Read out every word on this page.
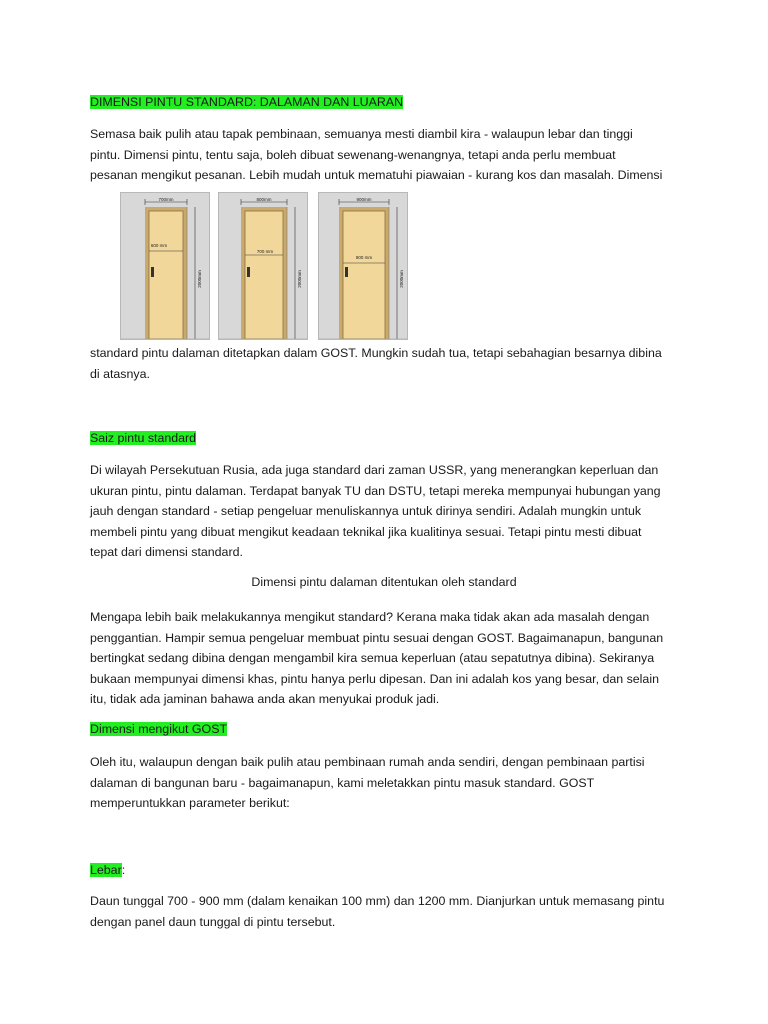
DIMENSI PINTU STANDARD: DALAMAN DAN LUARAN
Semasa baik pulih atau tapak pembinaan, semuanya mesti diambil kira - walaupun lebar dan tinggi
pintu. Dimensi pintu, tentu saja, boleh dibuat sewenang-wenangnya, tetapi anda perlu membuat
pesanan mengikut pesanan. Lebih mudah untuk mematuhi piawaian - kurang kos dan masalah. Dimensi
700mm
600 mm
2000mm
800mm
700 mm
2000mm
900mm
800 mm
2000mm
standard pintu dalaman ditetapkan dalam GOST. Mungkin sudah tua, tetapi sebahagian besarnya dibina
di atasnya.
Saiz pintu standard
Di wilayah Persekutuan Rusia, ada juga standard dari zaman USSR, yang menerangkan keperluan dan
ukuran pintu, pintu dalaman. Terdapat banyak TU dan DSTU, tetapi mereka mempunyai hubungan yang
jauh dengan standard - setiap pengeluar menuliskannya untuk dirinya sendiri. Adalah mungkin untuk
membeli pintu yang dibuat mengikut keadaan teknikal jika kualitinya sesuai. Tetapi pintu mesti dibuat
tepat dari dimensi standard.

Dimensi pintu dalaman ditentukan oleh standard

Mengapa lebih baik melakukannya mengikut standard? Kerana maka tidak akan ada masalah dengan
penggantian. Hampir semua pengeluar membuat pintu sesuai dengan GOST. Bagaimanapun, bangunan
bertingkat sedang dibina dengan mengambil kira semua keperluan (atau sepatutnya dibina). Sekiranya
bukaan mempunyai dimensi khas, pintu hanya perlu dipesan. Dan ini adalah kos yang besar, dan selain
itu, tidak ada jaminan bahawa anda akan menyukai produk jadi.
Dimensi mengikut GOST
Oleh itu, walaupun dengan baik pulih atau pembinaan rumah anda sendiri, dengan pembinaan partisi
dalaman di bangunan baru - bagaimanapun, kami meletakkan pintu masuk standard. GOST
memperuntukkan parameter berikut:
Lebar:
Daun tunggal 700 - 900 mm (dalam kenaikan 100 mm) dan 1200 mm. Dianjurkan untuk memasang pintu
dengan panel daun tunggal di pintu tersebut.
